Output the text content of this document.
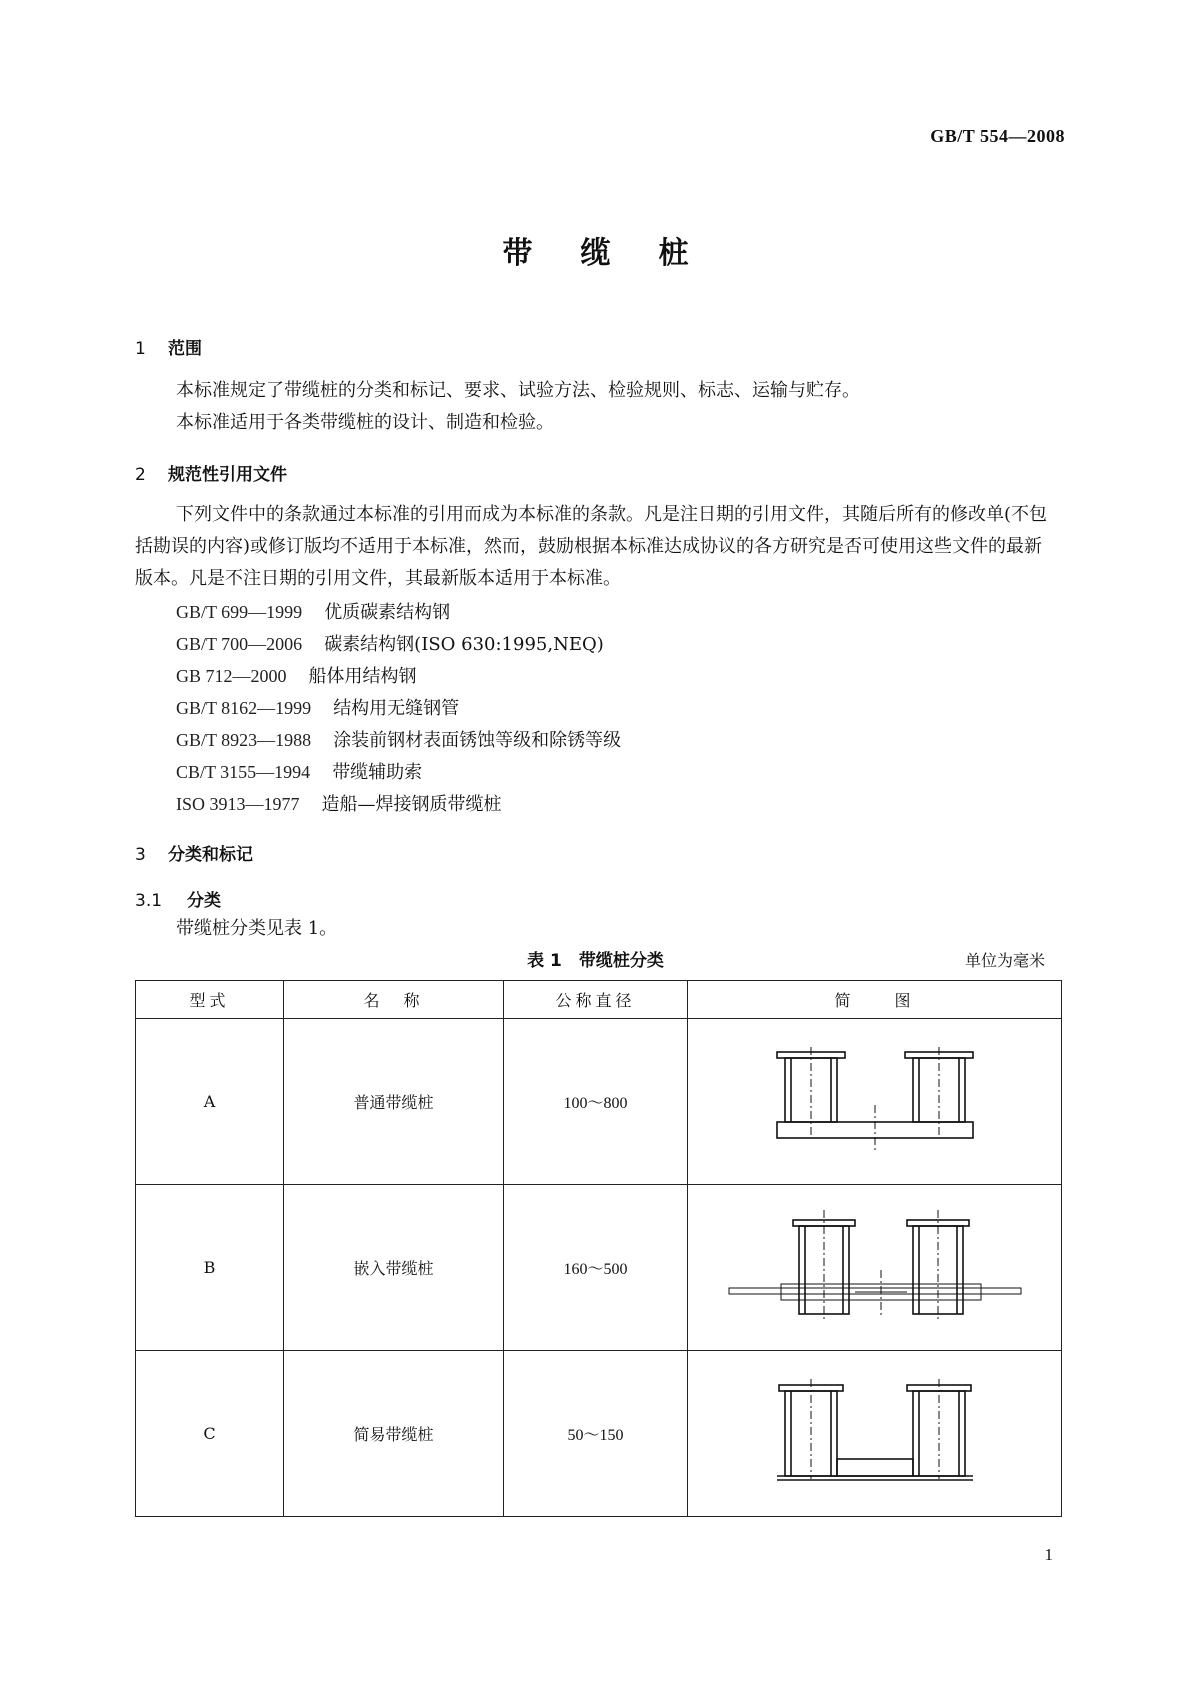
GB/T 554—2008
带缆桩
1 范围
本标准规定了带缆桩的分类和标记、要求、试验方法、检验规则、标志、运输与贮存。
本标准适用于各类带缆桩的设计、制造和检验。
2 规范性引用文件
下列文件中的条款通过本标准的引用而成为本标准的条款。凡是注日期的引用文件，其随后所有的修改单(不包括勘误的内容)或修订版均不适用于本标准，然而，鼓励根据本标准达成协议的各方研究是否可使用这些文件的最新版本。凡是不注日期的引用文件，其最新版本适用于本标准。
GB/T 699—1999 优质碳素结构钢
GB/T 700—2006 碳素结构钢(ISO 630:1995,NEQ)
GB 712—2000 船体用结构钢
GB/T 8162—1999 结构用无缝钢管
GB/T 8923—1988 涂装前钢材表面锈蚀等级和除锈等级
CB/T 3155—1994 带缆辅助索
ISO 3913—1977 造船—焊接钢质带缆桩
3 分类和标记
3.1 分类
带缆桩分类见表 1。
表 1　带缆桩分类	单位为毫米
型式	名　称	公称直径	简　　图
A	普通带缆桩	100～800	

B	嵌入带缆桩	160～500	

C	简易带缆桩	50～150	
1
